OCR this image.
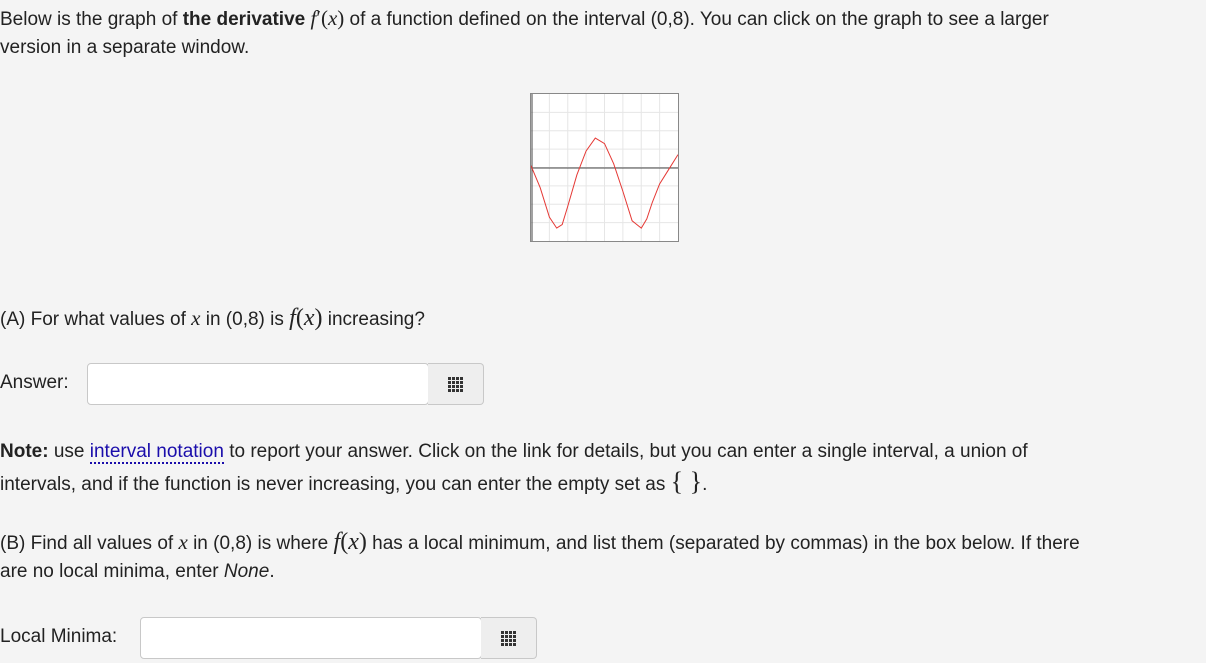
Below is the graph of the derivative f′(x) of a function defined on the interval (0,8). You can click on the graph to see a larger
version in a separate window.
(A) For what values of x in (0,8) is f(x) increasing?
Answer:
Note: use interval notation to report your answer. Click on the link for details, but you can enter a single interval, a union of
intervals, and if the function is never increasing, you can enter the empty set as { }.
(B) Find all values of x in (0,8) is where f(x) has a local minimum, and list them (separated by commas) in the box below. If there
are no local minima, enter None.
Local Minima:
